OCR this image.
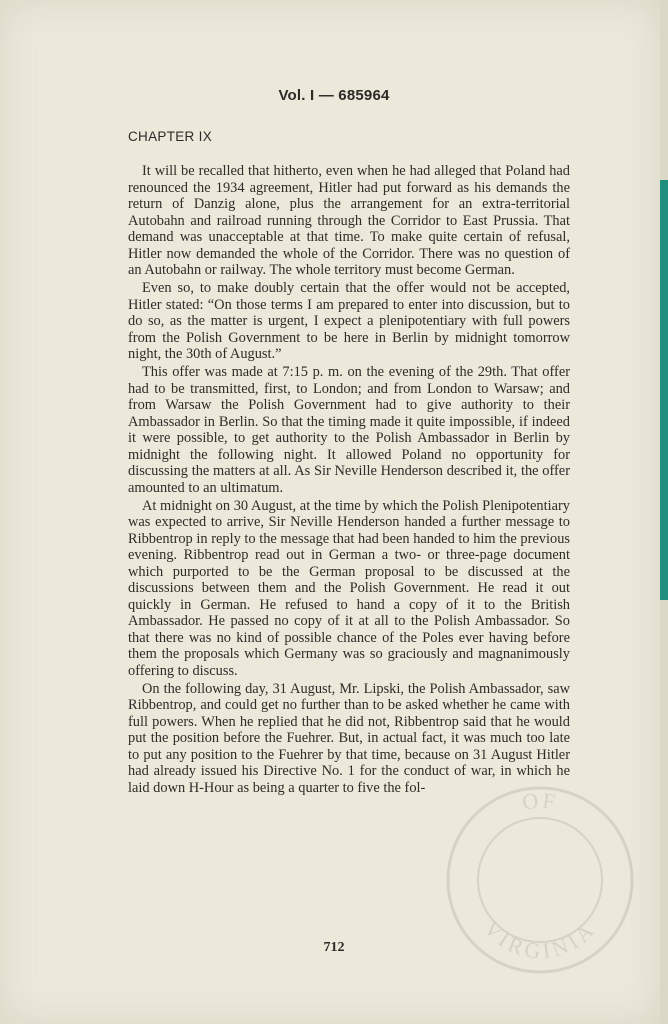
Vol. I — 685964
CHAPTER IX

It will be recalled that hitherto, even when he had alleged that Poland had renounced the 1934 agreement, Hitler had put forward as his demands the return of Danzig alone, plus the arrangement for an extra-territorial Autobahn and railroad running through the Corridor to East Prussia. That demand was unacceptable at that time. To make quite certain of refusal, Hitler now demanded the whole of the Corridor. There was no question of an Autobahn or railway. The whole territory must become German.

Even so, to make doubly certain that the offer would not be accepted, Hitler stated: “On those terms I am prepared to enter into discussion, but to do so, as the matter is urgent, I expect a plenipotentiary with full powers from the Polish Government to be here in Berlin by midnight tomorrow night, the 30th of August.”

This offer was made at 7:15 p. m. on the evening of the 29th. That offer had to be transmitted, first, to London; and from London to Warsaw; and from Warsaw the Polish Government had to give authority to their Ambassador in Berlin. So that the timing made it quite impossible, if indeed it were possible, to get authority to the Polish Ambassador in Berlin by midnight the following night. It allowed Poland no opportunity for discussing the matters at all. As Sir Neville Henderson described it, the offer amounted to an ultimatum.

At midnight on 30 August, at the time by which the Polish Plenipotentiary was expected to arrive, Sir Neville Henderson handed a further message to Ribbentrop in reply to the message that had been handed to him the previous evening. Ribbentrop read out in German a two- or three-page document which purported to be the German proposal to be discussed at the discussions between them and the Polish Government. He read it out quickly in German. He refused to hand a copy of it to the British Ambassador. He passed no copy of it at all to the Polish Ambassador. So that there was no kind of possible chance of the Poles ever having before them the proposals which Germany was so graciously and magnanimously offering to discuss.

On the following day, 31 August, Mr. Lipski, the Polish Ambassador, saw Ribbentrop, and could get no further than to be asked whether he came with full powers. When he replied that he did not, Ribbentrop said that he would put the position before the Fuehrer. But, in actual fact, it was much too late to put any position to the Fuehrer by that time, because on 31 August Hitler had already issued his Directive No. 1 for the conduct of war, in which he laid down H-Hour as being a quarter to five the fol-

712
OF
VIRGINIA
